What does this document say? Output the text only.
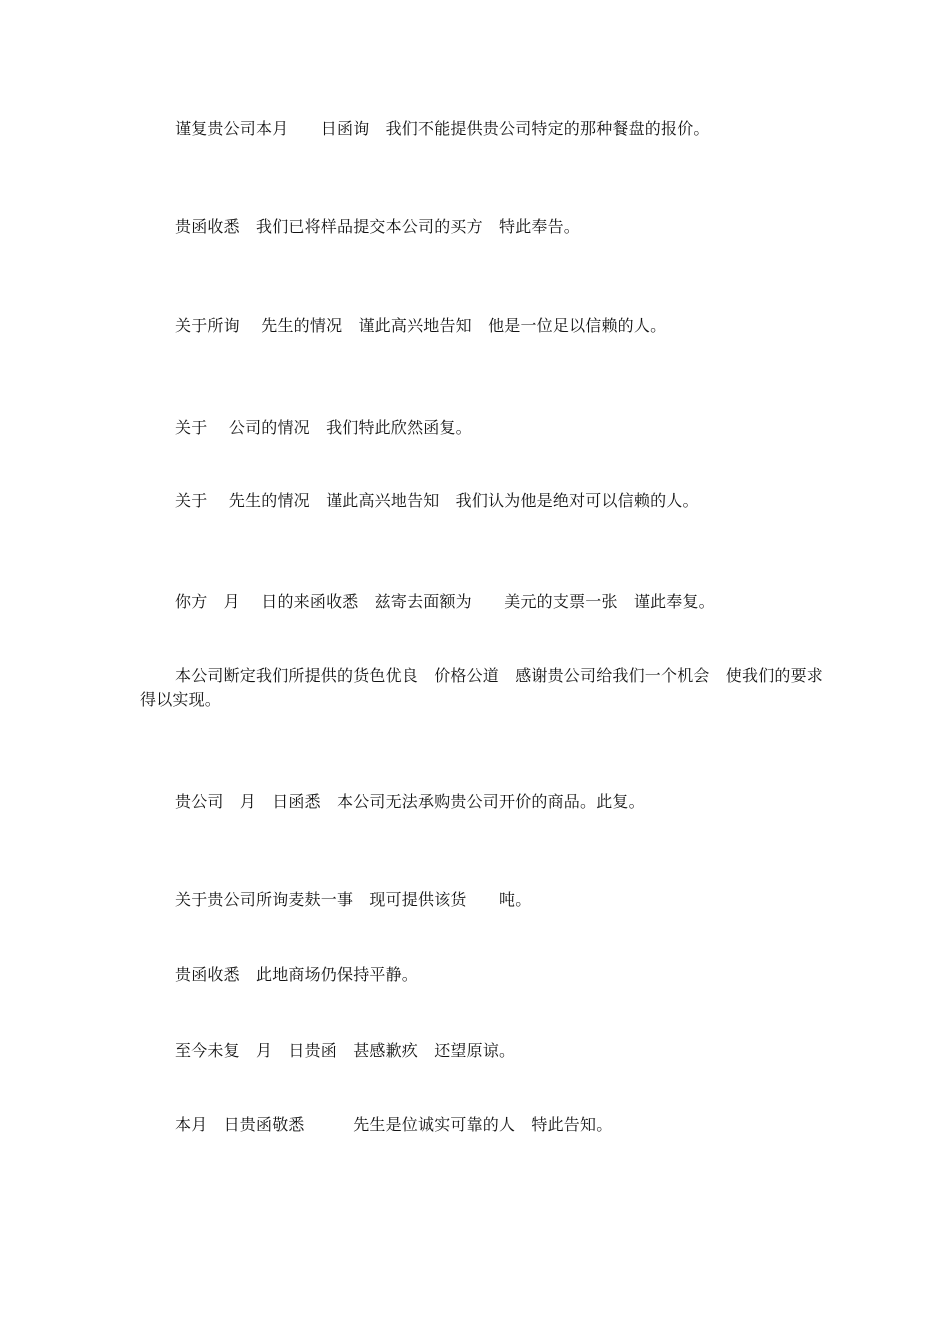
谨复贵公司本月　　日函询　我们不能提供贵公司特定的那种餐盘的报价。
贵函收悉　我们已将样品提交本公司的买方　特此奉告。
关于所询　 先生的情况　谨此高兴地告知　他是一位足以信赖的人。
关于　 公司的情况　我们特此欣然函复。
关于　 先生的情况　谨此高兴地告知　我们认为他是绝对可以信赖的人。
你方　月　 日的来函收悉　兹寄去面额为　　美元的支票一张　谨此奉复。
本公司断定我们所提供的货色优良　价格公道　感谢贵公司给我们一个机会　使我们的要求得以实现。
贵公司　月　日函悉　本公司无法承购贵公司开价的商品。此复。
关于贵公司所询麦麸一事　现可提供该货　　吨。
贵函收悉　此地商场仍保持平静。
至今未复　月　日贵函　甚感歉疚　还望原谅。
本月　日贵函敬悉　　　先生是位诚实可靠的人　特此告知。
